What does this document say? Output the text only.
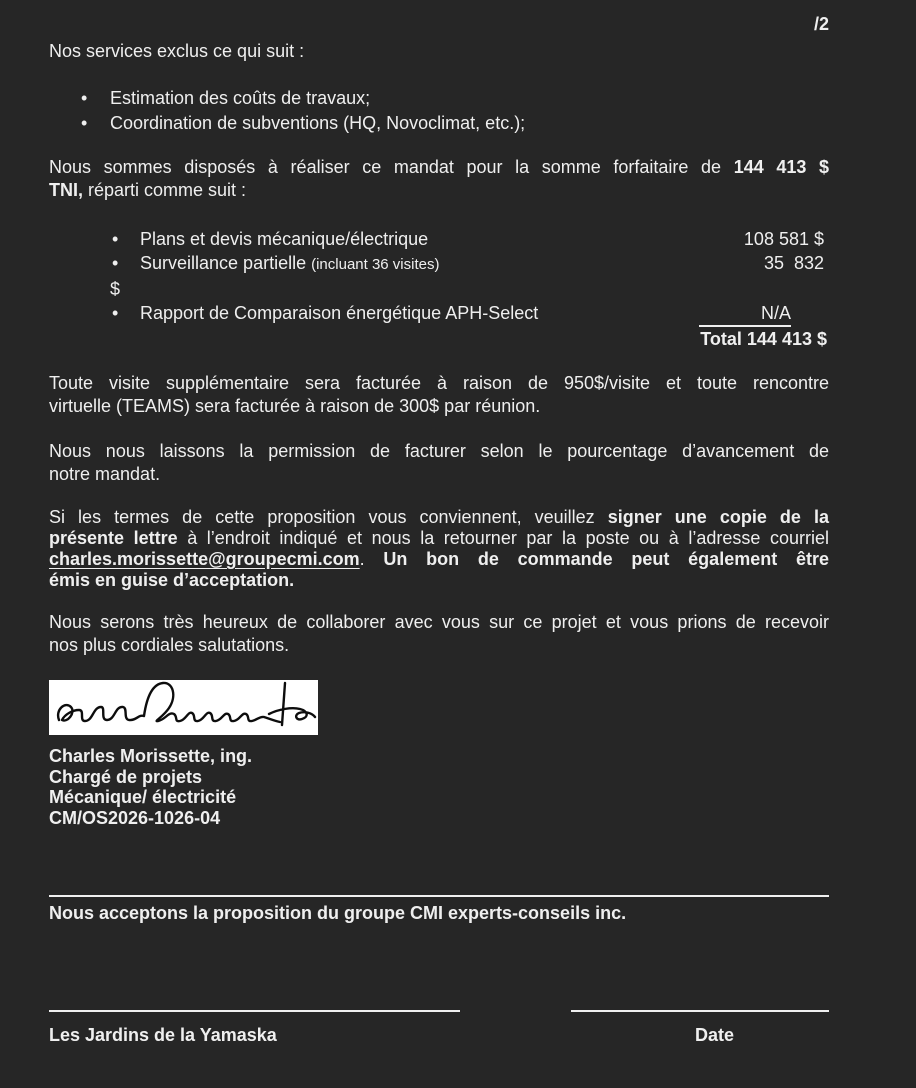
/2
Nos services exclus ce qui suit :
•	Estimation des coûts de travaux;
•	Coordination de subventions (HQ, Novoclimat, etc.);
Nous sommes disposés à réaliser ce mandat pour la somme forfaitaire de 144 413 $
TNI, réparti comme suit :
•	Plans et devis mécanique/électrique	108 581 $
•	Surveillance partielle (incluant 36 visites)	35  832
$
•	Rapport de Comparaison énergétique APH-Select	N/A
Total 144 413 $
Toute visite supplémentaire sera facturée à raison de 950$/visite et toute rencontre
virtuelle (TEAMS) sera facturée à raison de 300$ par réunion.
Nous nous laissons la permission de facturer selon le pourcentage d’avancement de
notre mandat.
Si les termes de cette proposition vous conviennent, veuillez signer une copie de la
présente lettre à l’endroit indiqué et nous la retourner par la poste ou à l’adresse courriel
charles.morissette@groupecmi.com. Un bon de commande peut également être
émis en guise d’acceptation.
Nous serons très heureux de collaborer avec vous sur ce projet et vous prions de recevoir
nos plus cordiales salutations.
Charles Morissette, ing.
Chargé de projets
Mécanique/ électricité
CM/OS2026-1026-04
Nous acceptons la proposition du groupe CMI experts-conseils inc.
Les Jardins de la Yamaska	Date
